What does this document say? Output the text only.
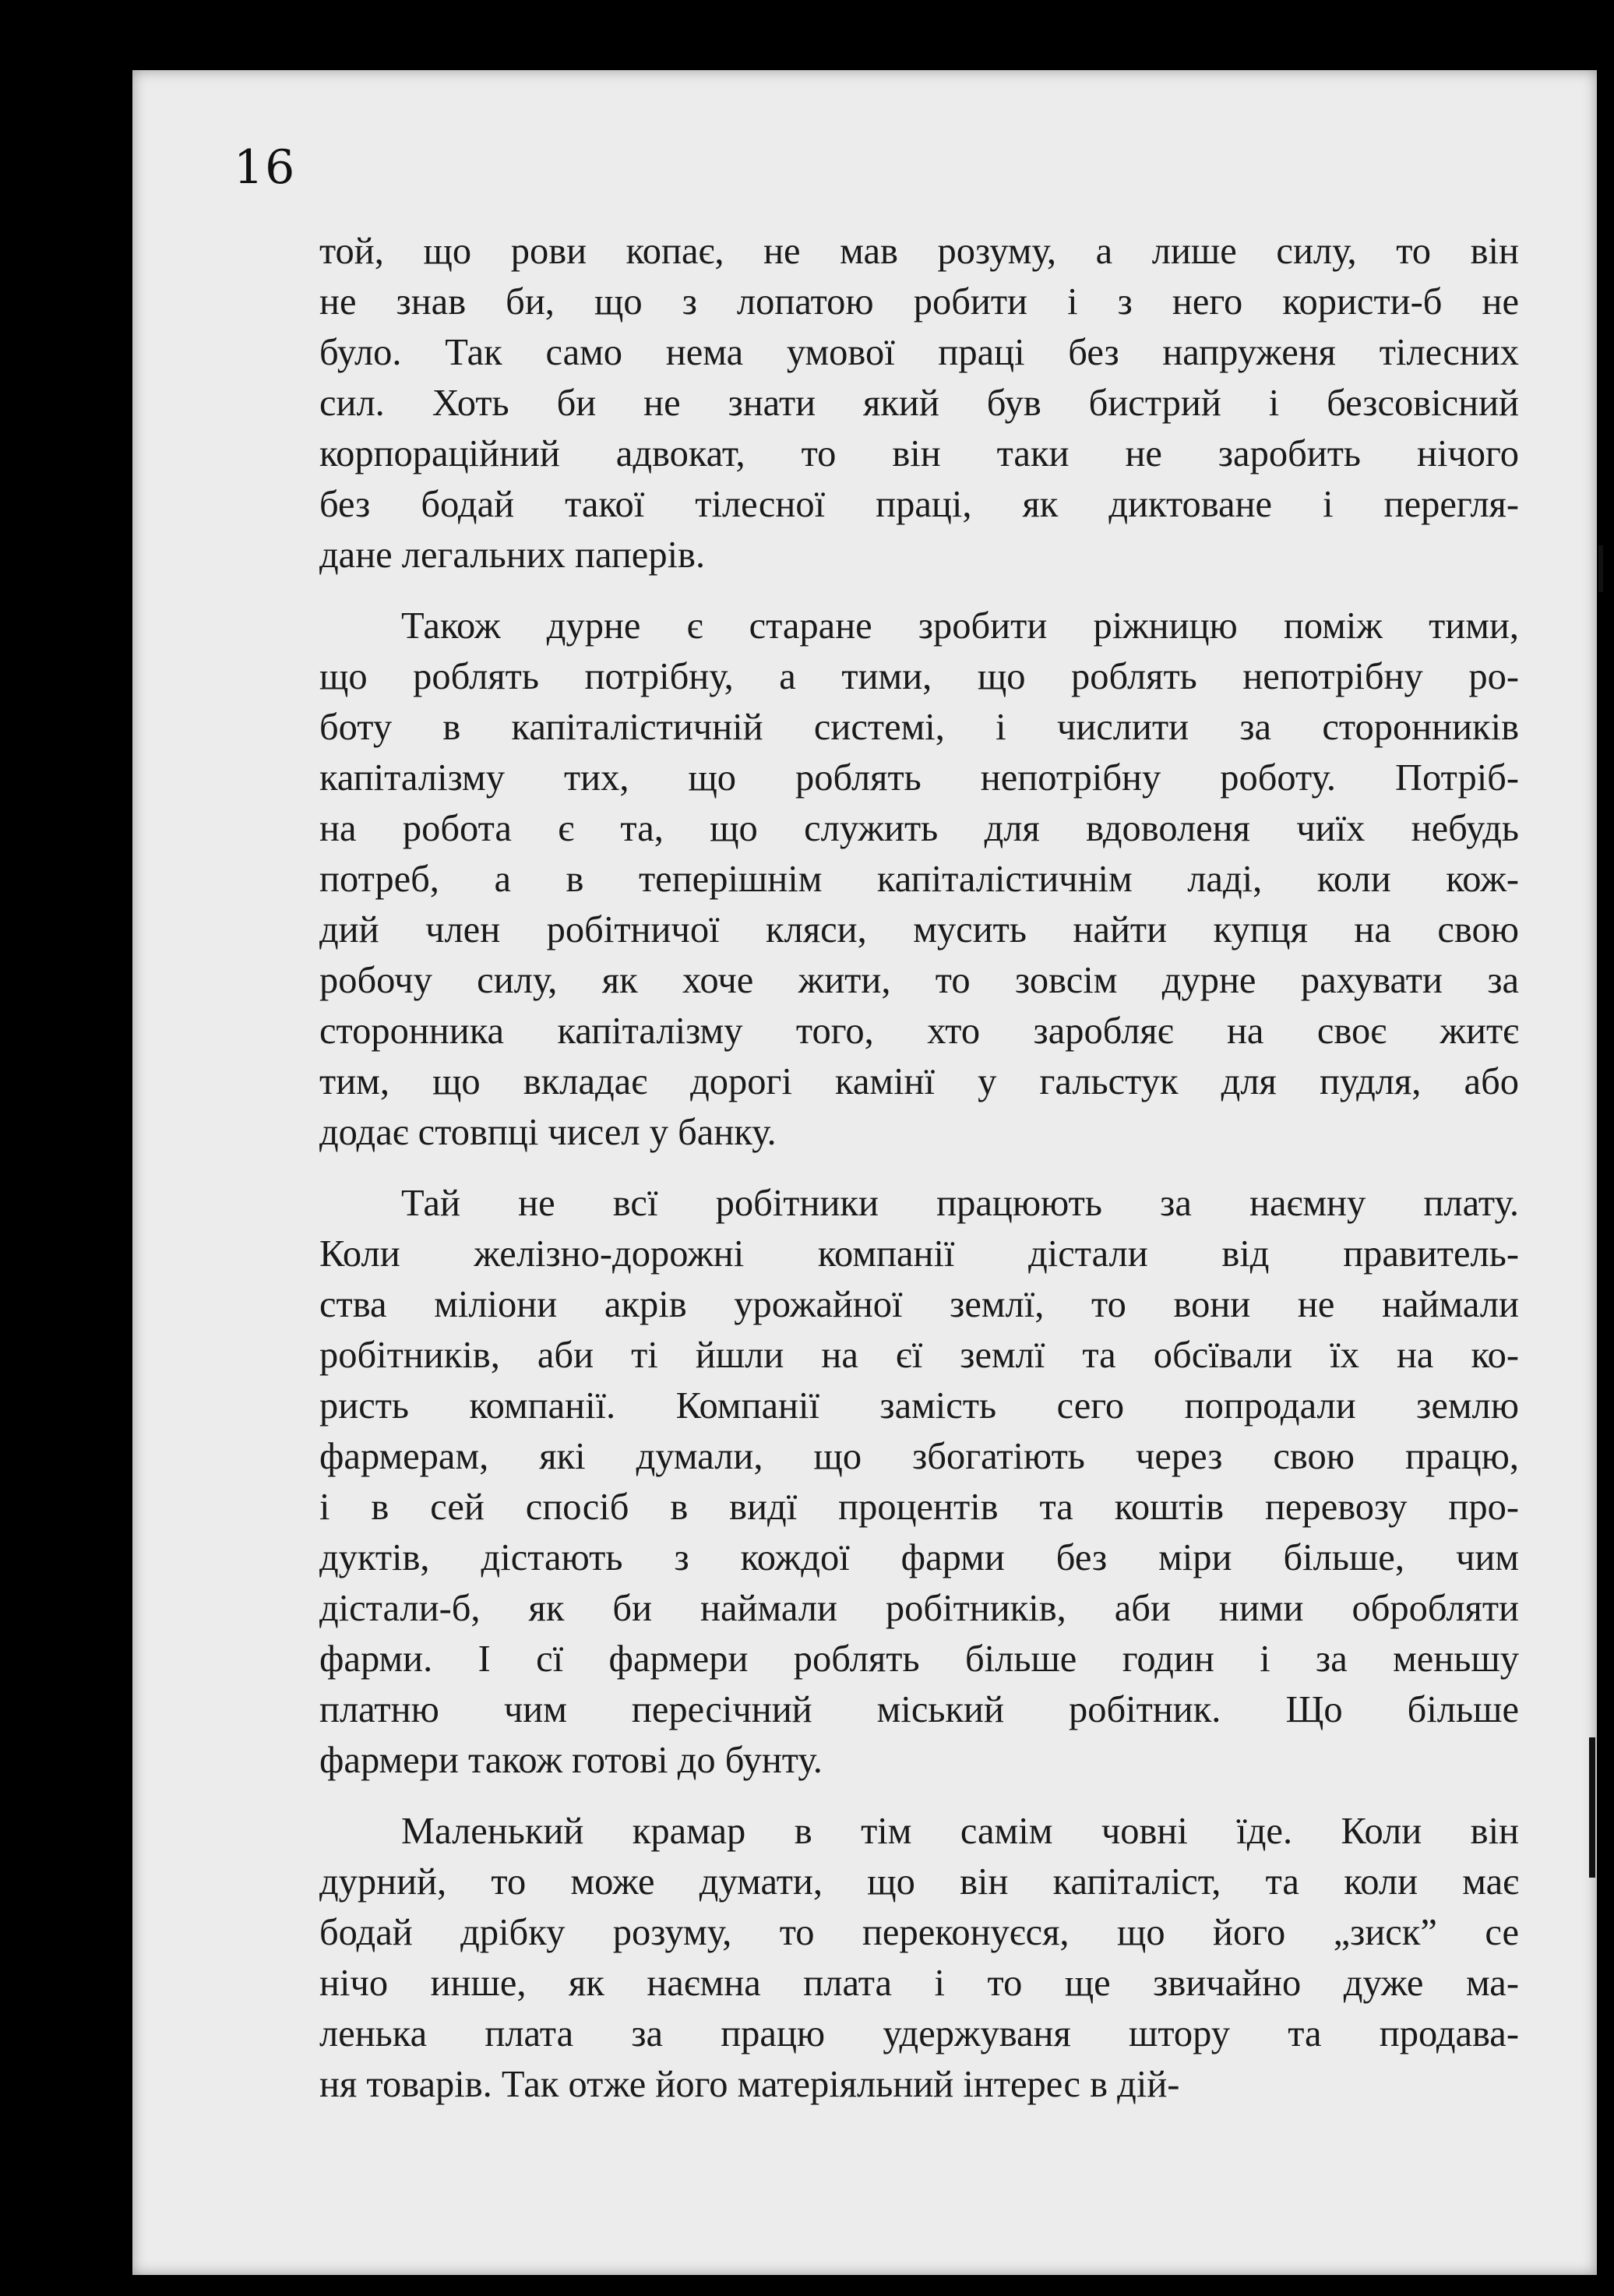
16
той, що рови копає, не мав розуму, а лише силу, то він
не знав би, що з лопатою робити і з него користи-б не
було. Так само нема умової праці без напруженя тілесних
сил. Хоть би не знати який був бистрий і безсовісний
корпораційний адвокат, то він таки не заробить нічого
без бодай такої тілесної праці, як диктоване і перегля-
дане легальних паперів.
Також дурне є старане зробити ріжницю поміж тими,
що роблять потрібну, а тими, що роблять непотрібну ро-
боту в капіталістичній системі, і числити за сторонників
капіталізму тих, що роблять непотрібну роботу. Потріб-
на робота є та, що служить для вдоволеня чиїх небудь
потреб, а в теперішнім капіталістичнім ладі, коли кож-
дий член робітничої кляси, мусить найти купця на свою
робочу силу, як хоче жити, то зовсім дурне рахувати за
сторонника капіталізму того, хто заробляє на своє житє
тим, що вкладає дорогі камінї у гальстук для пудля, або
додає стовпці чисел у банку.
Тай не всї робітники працюють за наємну плату.
Коли желізно-дорожні компанії дістали від правитель-
ства міліони акрів урожайної землї, то вони не наймали
робітників, аби ті йшли на єї землї та обсївали їх на ко-
ристь компанії. Компанії замість сего попродали землю
фармерам, які думали, що збогатіють через свою працю,
і в сей спосіб в видї процентів та коштів перевозу про-
дуктів, дістають з кождої фарми без міри більше, чим
дістали-б, як би наймали робітників, аби ними обробляти
фарми. І сї фармери роблять більше годин і за меньшу
платню чим пересічний міський робітник. Що більше
фармери також готові до бунту.
Маленький крамар в тім самім човні їде. Коли він
дурний, то може думати, що він капіталіст, та коли має
бодай дрібку розуму, то переконуєся, що його „зиск” се
нічо инше, як наємна плата і то ще звичайно дуже ма-
ленька плата за працю удержуваня штору та продава-
ня товарів. Так отже його матеріяльний інтерес в дій-
